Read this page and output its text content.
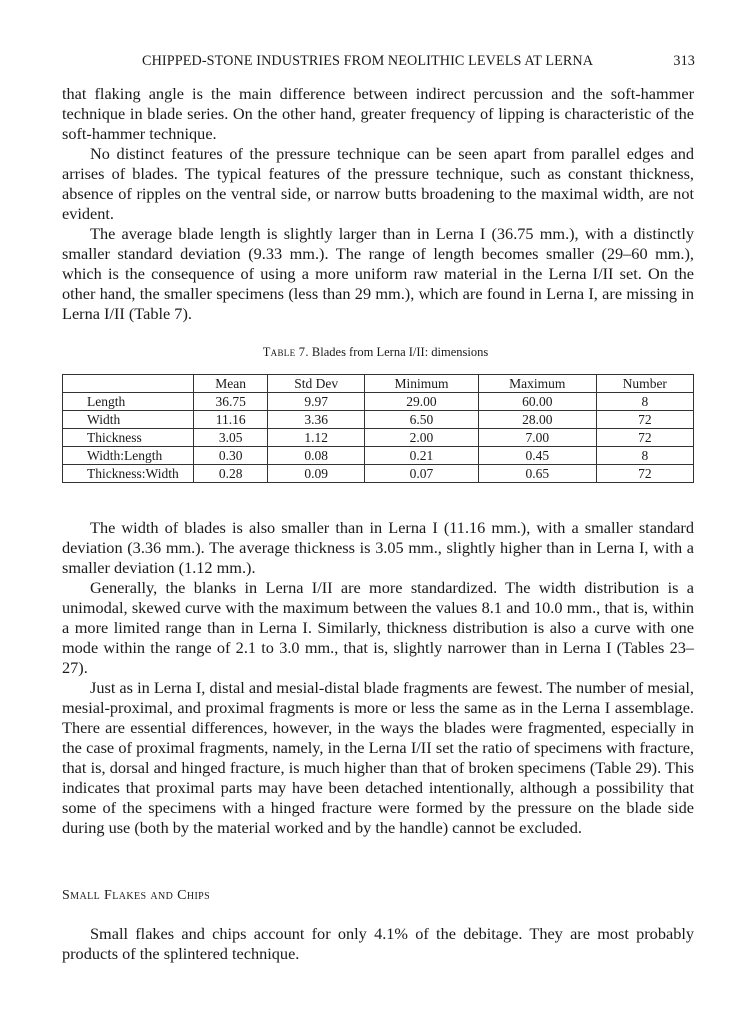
CHIPPED-STONE INDUSTRIES FROM NEOLITHIC LEVELS AT LERNA	313

that flaking angle is the main difference between indirect percussion and the soft-hammer technique in blade series. On the other hand, greater frequency of lipping is characteristic of the soft-hammer technique.

No distinct features of the pressure technique can be seen apart from parallel edges and arrises of blades. The typical features of the pressure technique, such as constant thickness, absence of ripples on the ventral side, or narrow butts broadening to the maximal width, are not evident.

The average blade length is slightly larger than in Lerna I (36.75 mm.), with a distinctly smaller standard deviation (9.33 mm.). The range of length becomes smaller (29–60 mm.), which is the consequence of using a more uniform raw material in the Lerna I/II set. On the other hand, the smaller specimens (less than 29 mm.), which are found in Lerna I, are missing in Lerna I/II (Table 7).

Table 7. Blades from Lerna I/II: dimensions
	Mean	Std Dev	Minimum	Maximum	Number
Length	36.75	9.97	29.00	60.00	8
Width	11.16	3.36	6.50	28.00	72
Thickness	3.05	1.12	2.00	7.00	72
Width:Length	0.30	0.08	0.21	0.45	8
Thickness:Width	0.28	0.09	0.07	0.65	72

The width of blades is also smaller than in Lerna I (11.16 mm.), with a smaller standard deviation (3.36 mm.). The average thickness is 3.05 mm., slightly higher than in Lerna I, with a smaller deviation (1.12 mm.).

Generally, the blanks in Lerna I/II are more standardized. The width distribution is a unimodal, skewed curve with the maximum between the values 8.1 and 10.0 mm., that is, within a more limited range than in Lerna I. Similarly, thickness distribution is also a curve with one mode within the range of 2.1 to 3.0 mm., that is, slightly narrower than in Lerna I (Tables 23–27).

Just as in Lerna I, distal and mesial-distal blade fragments are fewest. The number of mesial, mesial-proximal, and proximal fragments is more or less the same as in the Lerna I assemblage. There are essential differences, however, in the ways the blades were fragmented, especially in the case of proximal fragments, namely, in the Lerna I/II set the ratio of specimens with fracture, that is, dorsal and hinged fracture, is much higher than that of broken specimens (Table 29). This indicates that proximal parts may have been detached intentionally, although a possibility that some of the specimens with a hinged fracture were formed by the pressure on the blade side during use (both by the material worked and by the handle) cannot be excluded.

Small Flakes and Chips

Small flakes and chips account for only 4.1% of the debitage. They are most probably products of the splintered technique.
